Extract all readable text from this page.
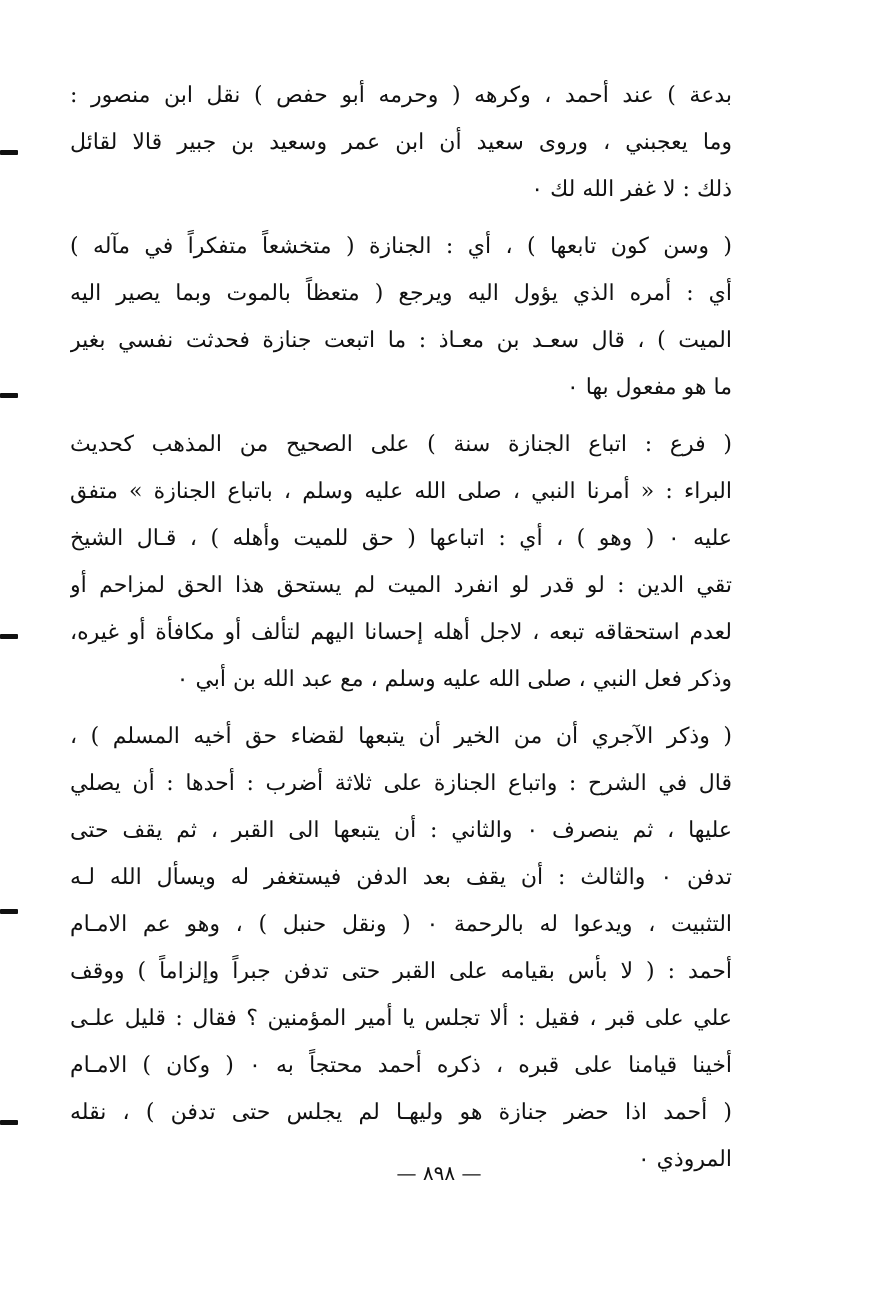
بدعة ) عند أحمد ، وكرهه ( وحرمه أبو حفص ) نقل ابن منصور :
وما يعجبني ، وروى سعيد أن ابن عمر وسعيد بن جبير قالا لقائل
ذلك : لا غفر الله لك ٠
( وسن كون تابعها ) ، أي : الجنازة ( متخشعاً متفكراً في مآله )
أي : أمره الذي يؤول اليه ويرجع ( متعظاً بالموت وبما يصير اليه
الميت ) ، قال سعـد بن معـاذ : ما اتبعت جنازة فحدثت نفسي بغير
ما هو مفعول بها ٠
( فرع : اتباع الجنازة سنة ) على الصحيح من المذهب كحديث
البراء : « أمرنا النبي ، صلى الله عليه وسلم ، باتباع الجنازة » متفق
عليه ٠ ( وهو ) ، أي : اتباعها ( حق للميت وأهله ) ، قـال الشيخ
تقي الدين : لو قدر لو انفرد الميت لم يستحق هذا الحق لمزاحم أو
لعدم استحقاقه تبعه ، لاجل أهله إحسانا اليهم لتألف أو مكافأة أو غيره،
وذكر فعل النبي ، صلى الله عليه وسلم ، مع عبد الله بن أبي ٠
( وذكر الآجري أن من الخير أن يتبعها لقضاء حق أخيه المسلم ) ،
قال في الشرح : واتباع الجنازة على ثلاثة أضرب : أحدها : أن يصلي
عليها ، ثم ينصرف ٠ والثاني : أن يتبعها الى القبر ، ثم يقف حتى
تدفن ٠ والثالث : أن يقف بعد الدفن فيستغفر له ويسأل الله لـه
التثبيت ، ويدعوا له بالرحمة ٠ ( ونقل حنبل ) ، وهو عم الامـام
أحمد : ( لا بأس بقيامه على القبر حتى تدفن جبراً وإلزاماً ) ووقف
علي على قبر ، فقيل : ألا تجلس يا أمير المؤمنين ؟ فقال : قليل علـى
أخينا قيامنا على قبره ، ذكره أحمد محتجاً به ٠ ( وكان ) الامـام
( أحمد اذا حضر جنازة هو وليهـا لم يجلس حتى تدفن ) ، نقله
المروذي ٠
— ٨٩٨ —
